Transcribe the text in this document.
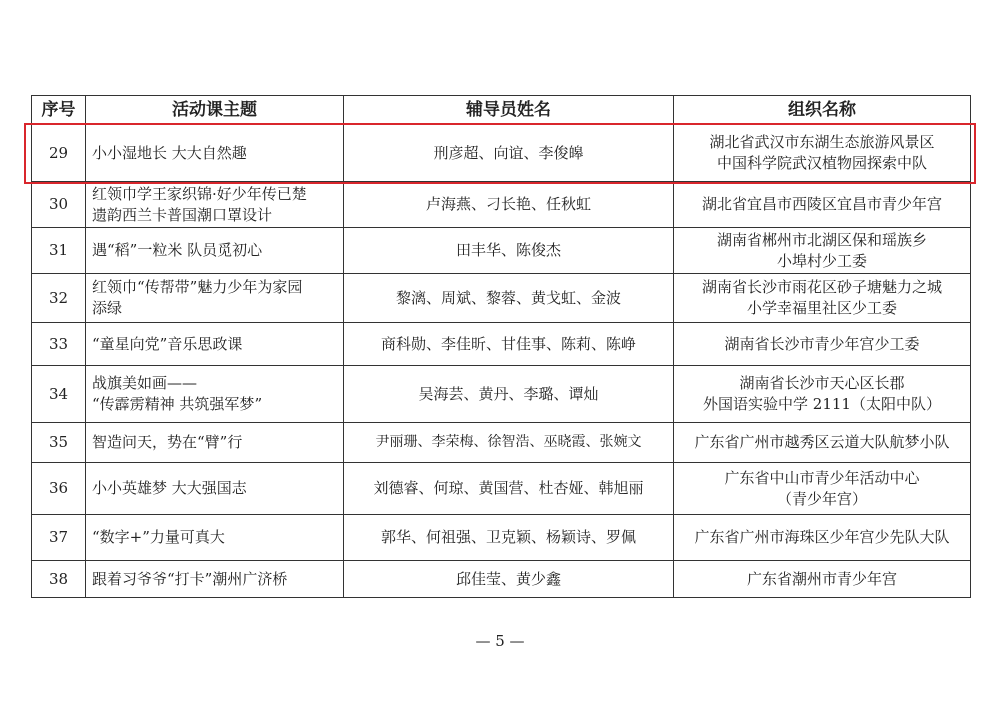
序号	活动课主题	辅导员姓名	组织名称
29	小小湿地长 大大自然趣	刑彦超、向谊、李俊皞	湖北省武汉市东湖生态旅游风景区
中国科学院武汉植物园探索中队

30	红领巾学王家织锦·好少年传已楚
遗韵西兰卡普国潮口罩设计	卢海燕、刁长艳、任秋虹	湖北省宜昌市西陵区宜昌市青少年宫

31	遇“稻”一粒米 队员觅初心	田丰华、陈俊杰	湖南省郴州市北湖区保和瑶族乡
小埠村少工委

32	红领巾“传帮带”魅力少年为家园
添绿	黎漓、周斌、黎蓉、黄戈虹、金波	湖南省长沙市雨花区砂子塘魅力之城
小学幸福里社区少工委

33	“童星向党”音乐思政课	商科勋、李佳昕、甘佳事、陈莉、陈峥	湖南省长沙市青少年宫少工委

34	战旗美如画——
“传霹雳精神 共筑强军梦”	吴海芸、黄丹、李璐、谭灿	湖南省长沙市天心区长郡
外国语实验中学 2111（太阳中队）

35	智造问天，势在“臂”行	尹丽珊、李荣梅、徐智浩、巫晓霞、张婉文	广东省广州市越秀区云道大队航梦小队

36	小小英雄梦 大大强国志	刘德睿、何琼、黄国营、杜杏娅、韩旭丽	广东省中山市青少年活动中心
（青少年宫）

37	“数字+”力量可真大	郭华、何祖强、卫克颖、杨颖诗、罗佩	广东省广州市海珠区少年宫少先队大队

38	跟着习爷爷“打卡”潮州广济桥	邱佳莹、黄少鑫	广东省潮州市青少年宫
— 5 —
